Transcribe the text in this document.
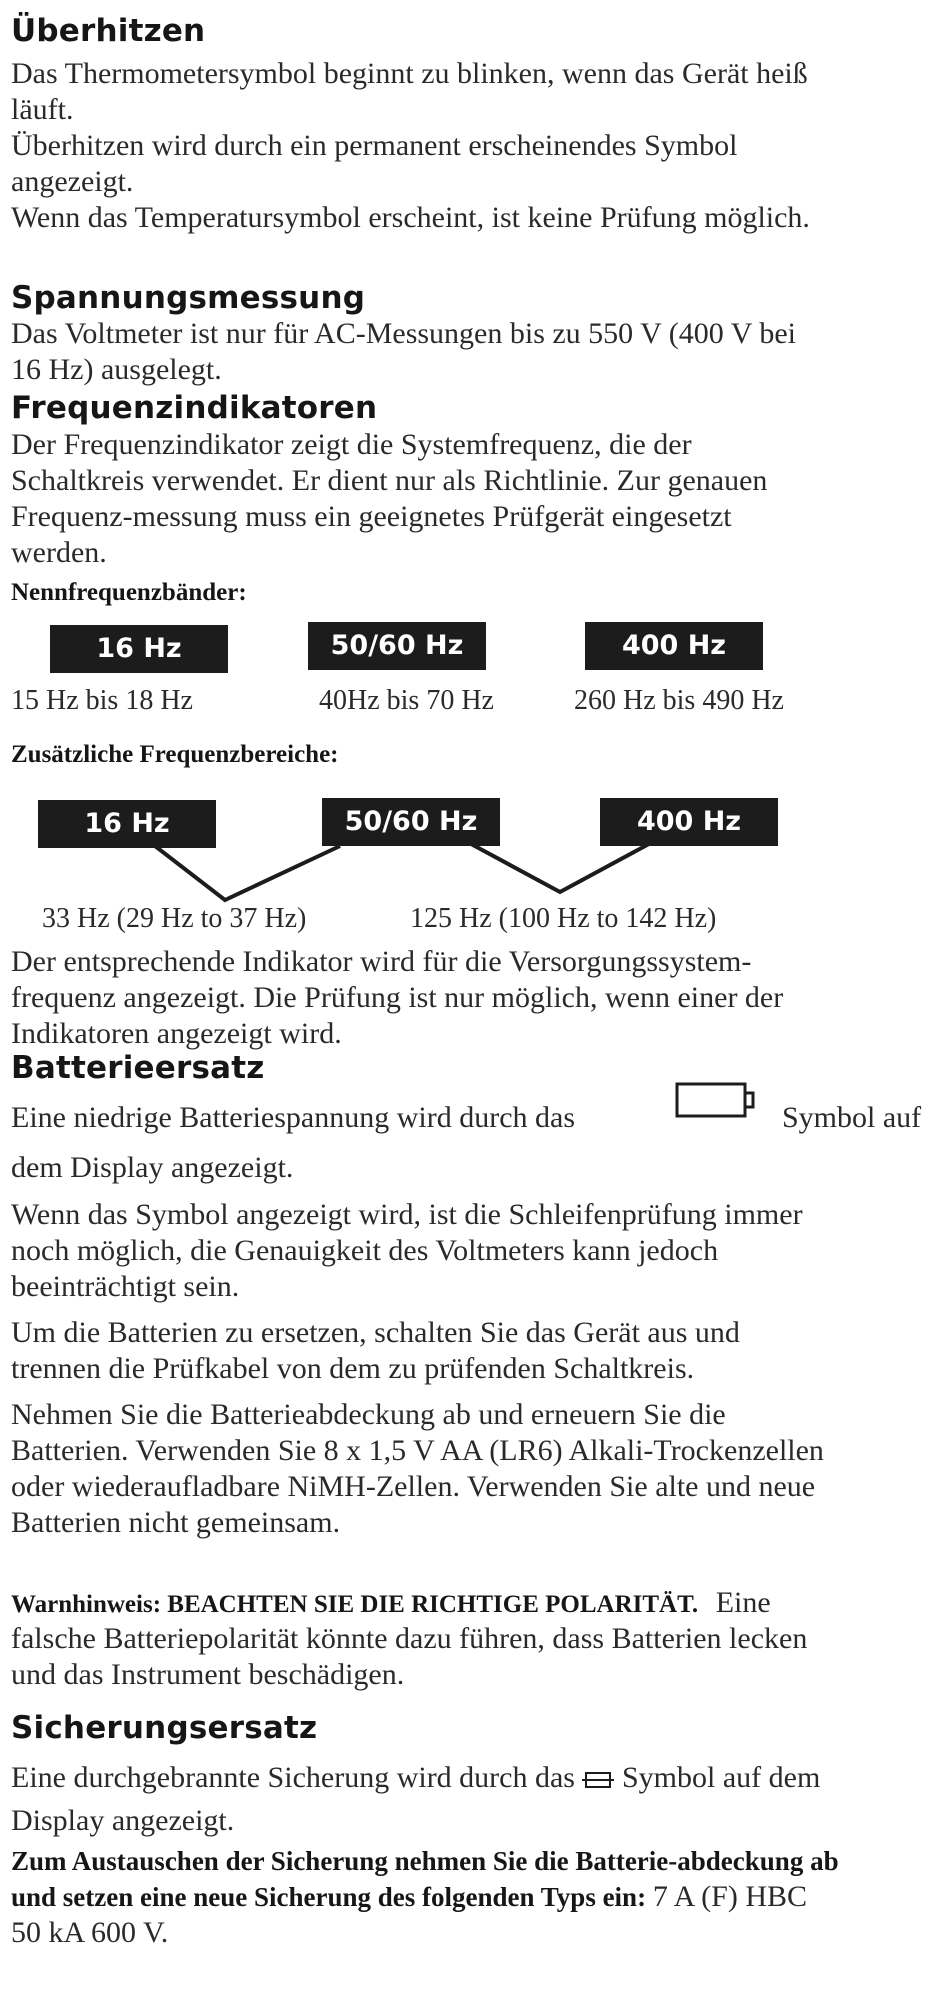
Überhitzen
Das Thermometersymbol beginnt zu blinken, wenn das Gerät heiß
läuft.
Überhitzen wird durch ein permanent erscheinendes Symbol
angezeigt.
Wenn das Temperatursymbol erscheint, ist keine Prüfung möglich.
Spannungsmessung
Das Voltmeter ist nur für AC-Messungen bis zu 550 V (400 V bei
16 Hz) ausgelegt.
Frequenzindikatoren
Der Frequenzindikator zeigt die Systemfrequenz, die der
Schaltkreis verwendet. Er dient nur als Richtlinie. Zur genauen
Frequenz-messung muss ein geeignetes Prüfgerät eingesetzt
werden.
Nennfrequenzbänder:
16 Hz	50/60 Hz	400 Hz
15 Hz bis 18 Hz	40Hz bis 70 Hz	260 Hz bis 490 Hz
Zusätzliche Frequenzbereiche:
16 Hz	50/60 Hz	400 Hz
33 Hz (29 Hz to 37 Hz)	125 Hz (100 Hz to 142 Hz)
Der entsprechende Indikator wird für die Versorgungssystem-
frequenz angezeigt. Die Prüfung ist nur möglich, wenn einer der
Indikatoren angezeigt wird.
Batterieersatz
Eine niedrige Batteriespannung wird durch das	Symbol auf
dem Display angezeigt.
Wenn das Symbol angezeigt wird, ist die Schleifenprüfung immer
noch möglich, die Genauigkeit des Voltmeters kann jedoch
beeinträchtigt sein.
Um die Batterien zu ersetzen, schalten Sie das Gerät aus und
trennen die Prüfkabel von dem zu prüfenden Schaltkreis.
Nehmen Sie die Batterieabdeckung ab und erneuern Sie die
Batterien. Verwenden Sie 8 x 1,5 V AA (LR6) Alkali-Trockenzellen
oder wiederaufladbare NiMH-Zellen. Verwenden Sie alte und neue
Batterien nicht gemeinsam.
Warnhinweis: BEACHTEN SIE DIE RICHTIGE POLARITÄT. Eine
falsche Batteriepolarität könnte dazu führen, dass Batterien lecken
und das Instrument beschädigen.
Sicherungsersatz
Eine durchgebrannte Sicherung wird durch das Symbol auf dem
Display angezeigt.
Zum Austauschen der Sicherung nehmen Sie die Batterie-abdeckung ab
und setzen eine neue Sicherung des folgenden Typs ein: 7 A (F) HBC
50 kA 600 V.
